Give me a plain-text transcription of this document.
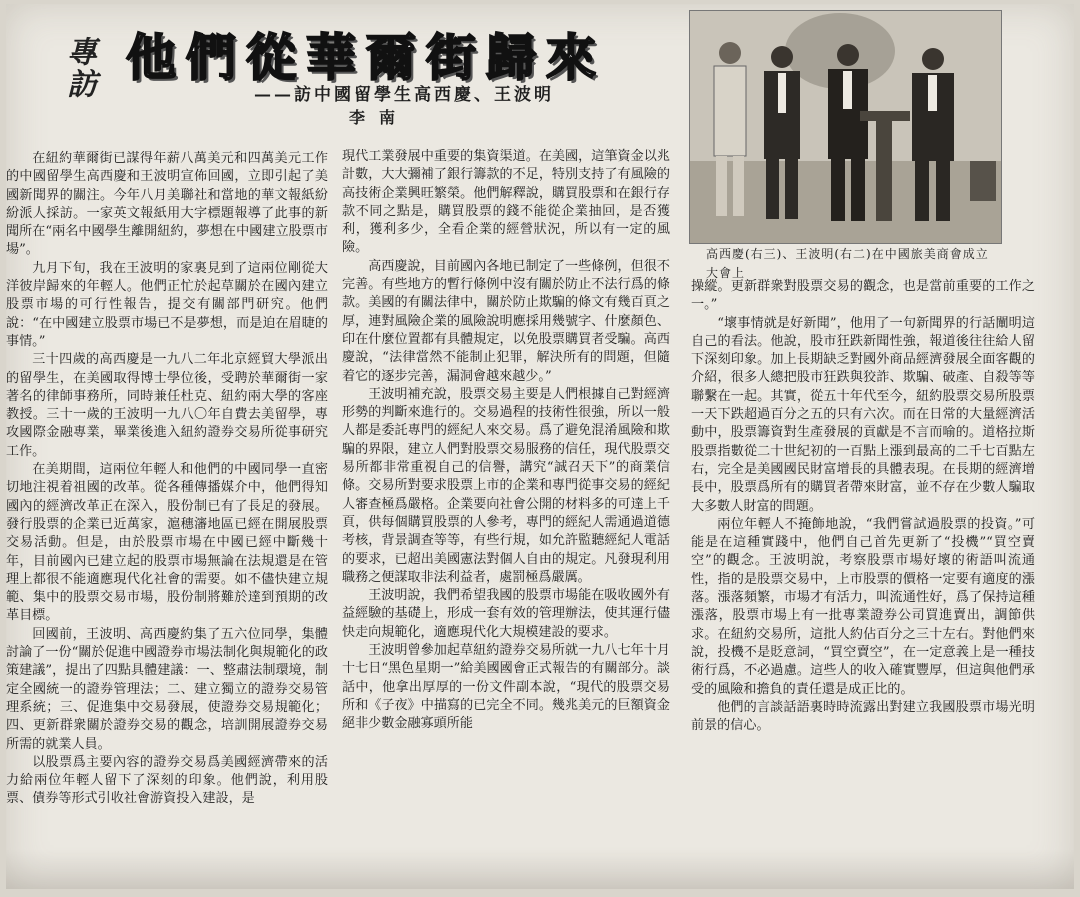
專訪 他們從華爾街歸來
——訪中國留學生高西慶、王波明
李南
高西慶(右三)、王波明(右二)在中國旅美商會成立大會上

在紐約華爾街已謀得年薪八萬美元和四萬美元工作的中國留學生高西慶和王波明宣佈回國，立即引起了美國新聞界的關注。今年八月美聯社和當地的華文報紙紛紛派人採訪。一家英文報紙用大字標題報導了此事的新聞所在“兩名中國學生離開紐約，夢想在中國建立股票市場”。

九月下旬，我在王波明的家裏見到了這兩位剛從大洋彼岸歸來的年輕人。他們正忙於起草關於在國內建立股票市場的可行性報告，提交有關部門研究。他們說：“在中國建立股票市場已不是夢想，而是迫在眉睫的事情。”

三十四歲的高西慶是一九八二年北京經貿大學派出的留學生，在美國取得博士學位後，受聘於華爾街一家著名的律師事務所，同時兼任杜克、紐約兩大學的客座教授。三十一歲的王波明一九八〇年自費去美留學，專攻國際金融專業，畢業後進入紐約證券交易所從事研究工作。

在美期間，這兩位年輕人和他們的中國同學一直密切地注視着祖國的改革。從各種傳播媒介中，他們得知國內的經濟改革正在深入，股份制已有了長足的發展。發行股票的企業已近萬家，滬穗瀋地區已經在開展股票交易活動。但是，由於股票市場在中國已經中斷幾十年，目前國內已建立起的股票市場無論在法規還是在管理上都很不能適應現代化社會的需要。如不儘快建立規範、集中的股票交易市場，股份制將難於達到預期的改革目標。

回國前，王波明、高西慶約集了五六位同學，集體討論了一份“關於促進中國證券市場法制化與規範化的政策建議”，提出了四點具體建議：一、整肅法制環境，制定全國統一的證券管理法；二、建立獨立的證券交易管理系統；三、促進集中交易發展，使證券交易規範化；四、更新群衆關於證券交易的觀念，培訓開展證券交易所需的就業人員。

以股票爲主要內容的證券交易爲美國經濟帶來的活力給兩位年輕人留下了深刻的印象。他們說，利用股票、債券等形式引收社會游資投入建設，是

現代工業發展中重要的集資渠道。在美國，這筆資金以兆計數，大大彌補了銀行籌款的不足，特別支持了有風險的高技術企業興旺繁榮。他們解釋說，購買股票和在銀行存款不同之點是，購買股票的錢不能從企業抽回，是否獲利，獲利多少，全看企業的經營狀況，所以有一定的風險。

高西慶說，目前國內各地已制定了一些條例，但很不完善。有些地方的暫行條例中沒有關於防止不法行爲的條款。美國的有關法律中，關於防止欺騙的條文有幾百頁之厚，連對風險企業的風險說明應採用幾號字、什麼顏色、印在什麼位置都有具體規定，以免股票購買者受騙。高西慶說，“法律當然不能制止犯罪，解決所有的問題，但隨着它的逐步完善，漏洞會越來越少。”

王波明補充說，股票交易主要是人們根據自己對經濟形勢的判斷來進行的。交易過程的技術性很強，所以一般人都是委託專門的經紀人來交易。爲了避免混淆風險和欺騙的界限，建立人們對股票交易服務的信任，現代股票交易所都非常重視自己的信譽，講究“誠召天下”的商業信條。交易所對要求股票上市的企業和專門從事交易的經紀人審查極爲嚴格。企業要向社會公開的材料多的可達上千頁，供每個購買股票的人參考，專門的經紀人需通過道德考核，背景調查等等，有些行規，如允許監聽經紀人電話的要求，已超出美國憲法對個人自由的規定。凡發現利用職務之便謀取非法利益者，處罰極爲嚴厲。

王波明說，我們希望我國的股票市場能在吸收國外有益經驗的基礎上，形成一套有效的管理辦法，使其運行儘快走向規範化，適應現代化大規模建設的要求。

王波明曾參加起草紐約證券交易所就一九八七年十月十七日“黑色星期一”給美國國會正式報告的有關部分。談話中，他拿出厚厚的一份文件副本說，“現代的股票交易所和《子夜》中描寫的已完全不同。幾兆美元的巨額資金絕非少數金融寡頭所能

操縱。更新群衆對股票交易的觀念，也是當前重要的工作之一。”

“壞事情就是好新聞”，他用了一句新聞界的行話闡明這自己的看法。他說，股市狂跌新聞性強，報道後往往給人留下深刻印象。加上長期缺乏對國外商品經濟發展全面客觀的介紹，很多人總把股市狂跌與狡詐、欺騙、破產、自殺等等聯繫在一起。其實，從五十年代至今，紐約股票交易所股票一天下跌超過百分之五的只有六次。而在日常的大量經濟活動中，股票籌資對生產發展的貢獻是不言而喻的。道格拉斯股票指數從二十世紀初的一百點上漲到最高的二千七百點左右，完全是美國國民財富增長的具體表現。在長期的經濟增長中，股票爲所有的購買者帶來財富，並不存在少數人騙取大多數人財富的問題。

兩位年輕人不掩飾地說，“我們嘗試過股票的投資。”可能是在這種實踐中，他們自己首先更新了“投機”“買空賣空”的觀念。王波明說，考察股票市場好壞的術語叫流通性，指的是股票交易中，上市股票的價格一定要有適度的漲落。漲落頻繁，市場才有活力，叫流通性好，爲了保持這種漲落，股票市場上有一批專業證券公司買進賣出，調節供求。在紐約交易所，這批人約佔百分之三十左右。對他們來說，投機不是貶意詞，“買空賣空”，在一定意義上是一種技術行爲，不必過慮。這些人的收入確實豐厚，但這與他們承受的風險和擔負的責任還是成正比的。

他們的言談話語裏時時流露出對建立我國股票市場光明前景的信心。
